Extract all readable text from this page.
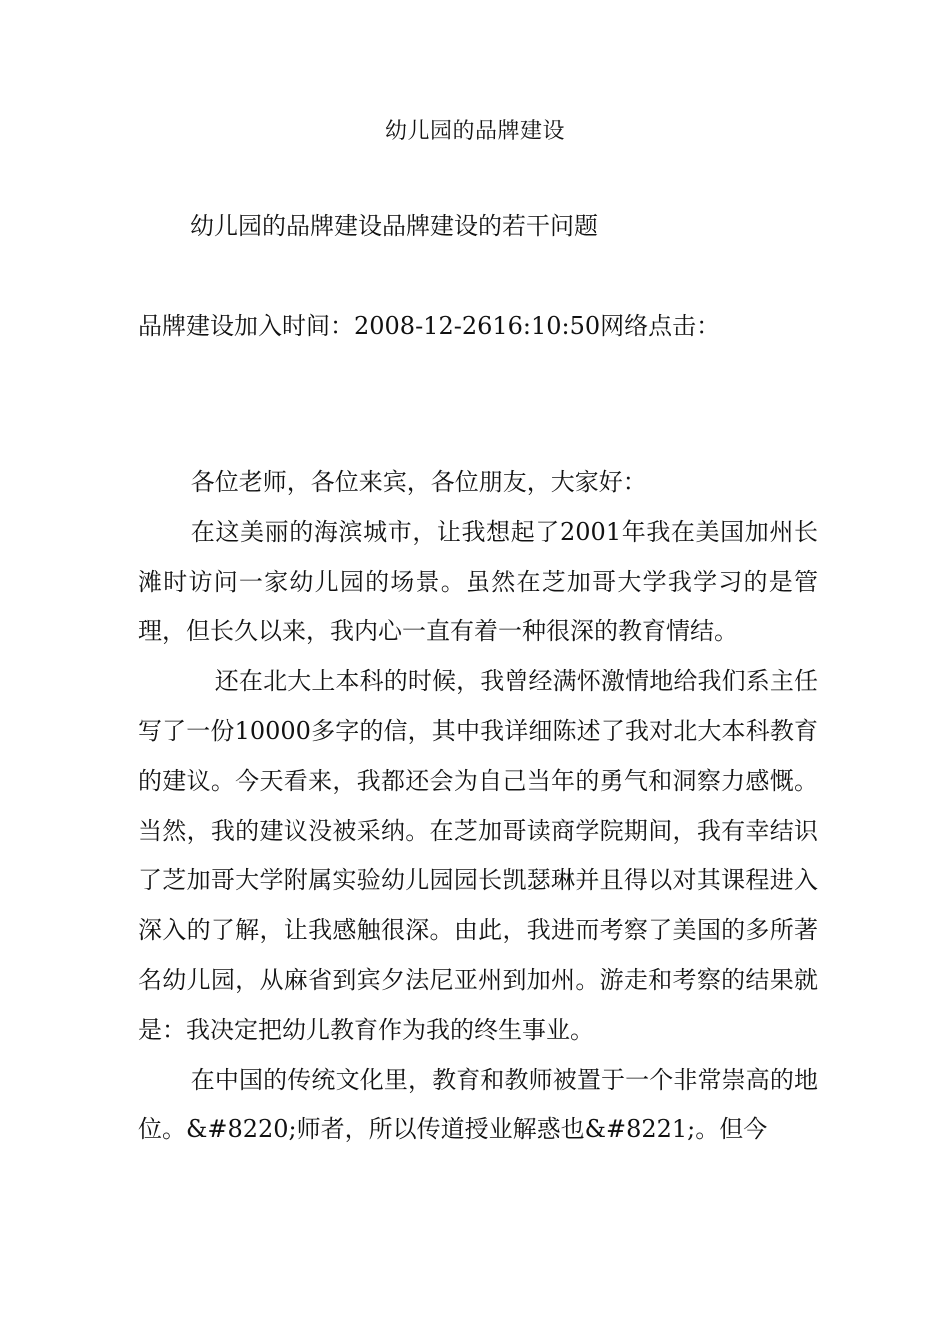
幼儿园的品牌建设
幼儿园的品牌建设品牌建设的若干问题
品牌建设加入时间：2008-12-2616:10:50网络点击：

各位老师，各位来宾，各位朋友，大家好：

在这美丽的海滨城市，让我想起了2001年我在美国加州长滩时访问一家幼儿园的场景。虽然在芝加哥大学我学习的是管理，但长久以来，我内心一直有着一种很深的教育情结。

还在北大上本科的时候，我曾经满怀激情地给我们系主任写了一份10000多字的信，其中我详细陈述了我对北大本科教育的建议。今天看来，我都还会为自己当年的勇气和洞察力感慨。当然，我的建议没被采纳。在芝加哥读商学院期间，我有幸结识了芝加哥大学附属实验幼儿园园长凯瑟琳并且得以对其课程进入深入的了解，让我感触很深。由此，我进而考察了美国的多所著名幼儿园，从麻省到宾夕法尼亚州到加州。游走和考察的结果就是：我决定把幼儿教育作为我的终生事业。

在中国的传统文化里，教育和教师被置于一个非常崇高的地位。&#8220;师者，所以传道授业解惑也&#8221;。但今
